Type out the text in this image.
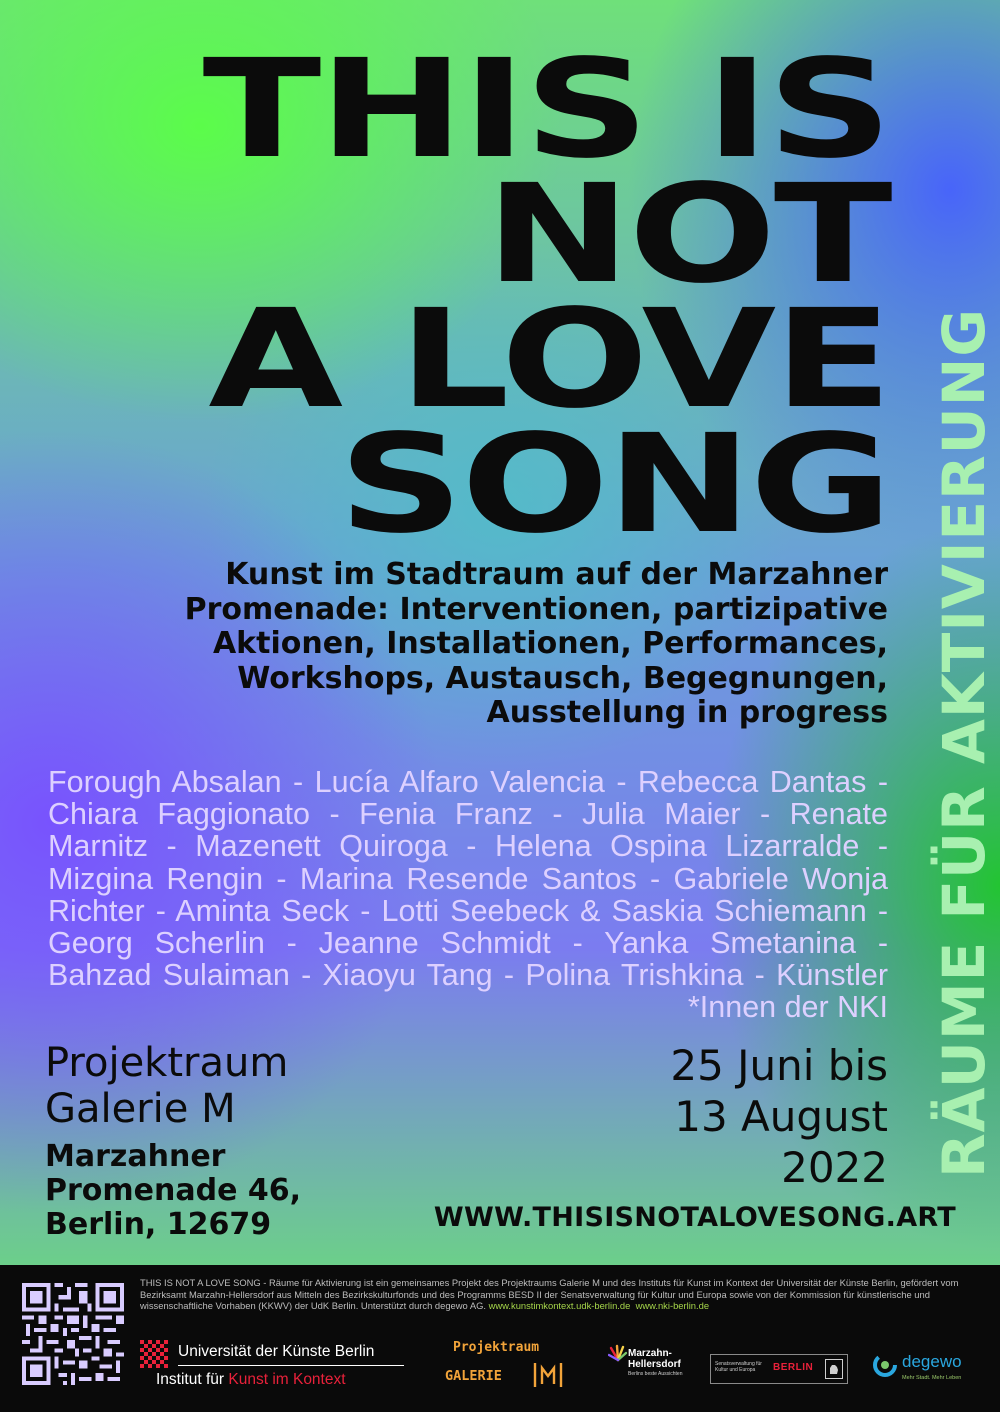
THIS IS
NOT
A LOVE
SONG RÄUME FÜR AKTIVIERUNG

Kunst im Stadtraum auf der Marzahner Promenade: Interventionen, partizipative Aktionen, Installationen, Performances, Workshops, Austausch, Begegnungen, Ausstellung in progress

Forough Absalan - Lucía Alfaro Valencia - Rebecca Dantas - Chiara Faggionato - Fenia Franz - Julia Maier - Renate Marnitz - Mazenett Quiroga - Helena Ospina Lizarralde - Mizgina Rengin - Marina Resende Santos - Gabriele Wonja Richter - Aminta Seck - Lotti Seebeck & Saskia Schiemann - Georg Scherlin - Jeanne Schmidt - Yanka Smetanina - Bahzad Sulaiman - Xiaoyu Tang - Polina Trishkina - Künstler *Innen der NKI

Projektraum
Galerie M
Marzahner
Promenade 46,
Berlin, 12679
25 Juni bis
13 August
2022
WWW.THISISNOTALOVESONG.ART

THIS IS NOT A LOVE SONG - Räume für Aktivierung ist ein gemeinsames Projekt des Projektraums Galerie M und des Instituts für Kunst im Kontext der Universität der Künste Berlin, gefördert vom Bezirksamt Marzahn-Hellersdorf aus Mitteln des Bezirkskulturfonds und des Programms BESD II der Senatsverwaltung für Kultur und Europa sowie von der Kommission für künstlerische und wissenschaftliche Vorhaben (KKWV) der UdK Berlin. Unterstützt durch degewo AG. www.kunstimkontext.udk-berlin.de www.nki-berlin.de

Universität der Künste Berlin
Institut für Kunst im Kontext
Projektraum
GALERIE
Marzahn-
Hellersdorf
Berlins beste Aussichten
Senatsverwaltung für Kultur und Europa	BERLIN	degewo
Mehr Stadt. Mehr Leben
